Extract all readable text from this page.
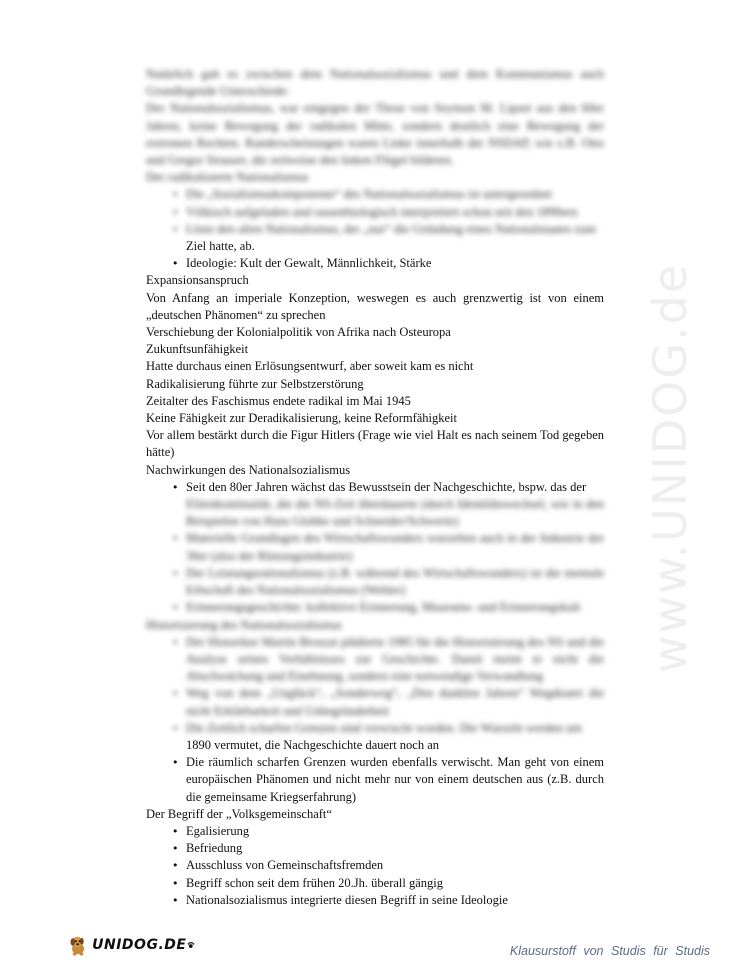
www.UNIDOG.de

Natürlich gab es zwischen dem Nationalsozialismus und dem Kommunismus auch Grundlegende Unterschiede:

Der Nationalsozialismus, war entgegen der These von Seymon M. Lipset aus den 60er Jahren, keine Bewegung der radikalen Mitte, sondern deutlich eine Bewegung der extremen Rechten. Randerscheinungen waren Linke innerhalb der NSDAP, wie z.B. Otto und Gregor Strasser, die zeitweise den linken Flügel bildeten.

Der radikalisierte Nationalismus

• Die „Sozialismuskomponente“ des Nationalsozialismus ist untergeordnet
• Völkisch aufgeladen und rassenbiologisch interpretiert schon seit den 1890ern
• Löste den alten Nationalismus, der „nur“ die Gründung eines Nationalstaates zum
Ziel hatte, ab.
• Ideologie: Kult der Gewalt, Männlichkeit, Stärke

Expansionsanspruch

Von Anfang an imperiale Konzeption, weswegen es auch grenzwertig ist von einem „deutschen Phänomen“ zu sprechen

Verschiebung der Kolonialpolitik von Afrika nach Osteuropa

Zukunftsunfähigkeit

Hatte durchaus einen Erlösungsentwurf, aber soweit kam es nicht

Radikalisierung führte zur Selbstzerstörung

Zeitalter des Faschismus endete radikal im Mai 1945

Keine Fähigkeit zur Deradikalisierung, keine Reformfähigkeit

Vor allem bestärkt durch die Figur Hitlers (Frage wie viel Halt es nach seinem Tod gegeben hätte)

Nachwirkungen des Nationalsozialismus

• Seit den 80er Jahren wächst das Bewusstsein der Nachgeschichte, bspw. das der
Elitenkontinuität, die die NS-Zeit überdauerte (durch Identitätswechsel, wie in den Beispielen von Hans Globke und Schneider/Schwerte)
• Materielle Grundlagen des Wirtschaftswunders wurzelten auch in der Industrie der 30er (also der Rüstungsindustrie)
• Der Leistungsrationalismus (z.B. während des Wirtschaftswunders) ist die mentale Erbschaft des Nationalsozialismus (Wehler)
• Erinnerungsgeschichte: kollektive Erinnerung, Museums- und Erinnerungskult

Historisierung des Nationalsozialismus

• Der Historiker Martin Broszat plädierte 1985 für die Historisierung des NS und die Analyse seines Verhältnisses zur Geschichte. Damit meint er nicht die Abschwächung und Einebnung, sondern eine notwendige Verwandlung
• Weg von dem „Unglück“, „Sonderweg“, „Den dunklen Jahren“ Wegdeutet die nicht Erklärbarkeit und Unbegründetheit
• Die Zeitlich scharfen Grenzen sind verwischt worden. Die Wurzeln werden um
1890 vermutet, die Nachgeschichte dauert noch an
• Die räumlich scharfen Grenzen wurden ebenfalls verwischt. Man geht von einem europäischen Phänomen und nicht mehr nur von einem deutschen aus (z.B. durch die gemeinsame Kriegserfahrung)

Der Begriff der „Volksgemeinschaft“

• Egalisierung
• Befriedung
• Ausschluss von Gemeinschaftsfremden
• Begriff schon seit dem frühen 20.Jh. überall gängig
• Nationalsozialismus integrierte diesen Begriff in seine Ideologie
UNIDOG.DE	Klausurstoff von Studis für Studis
